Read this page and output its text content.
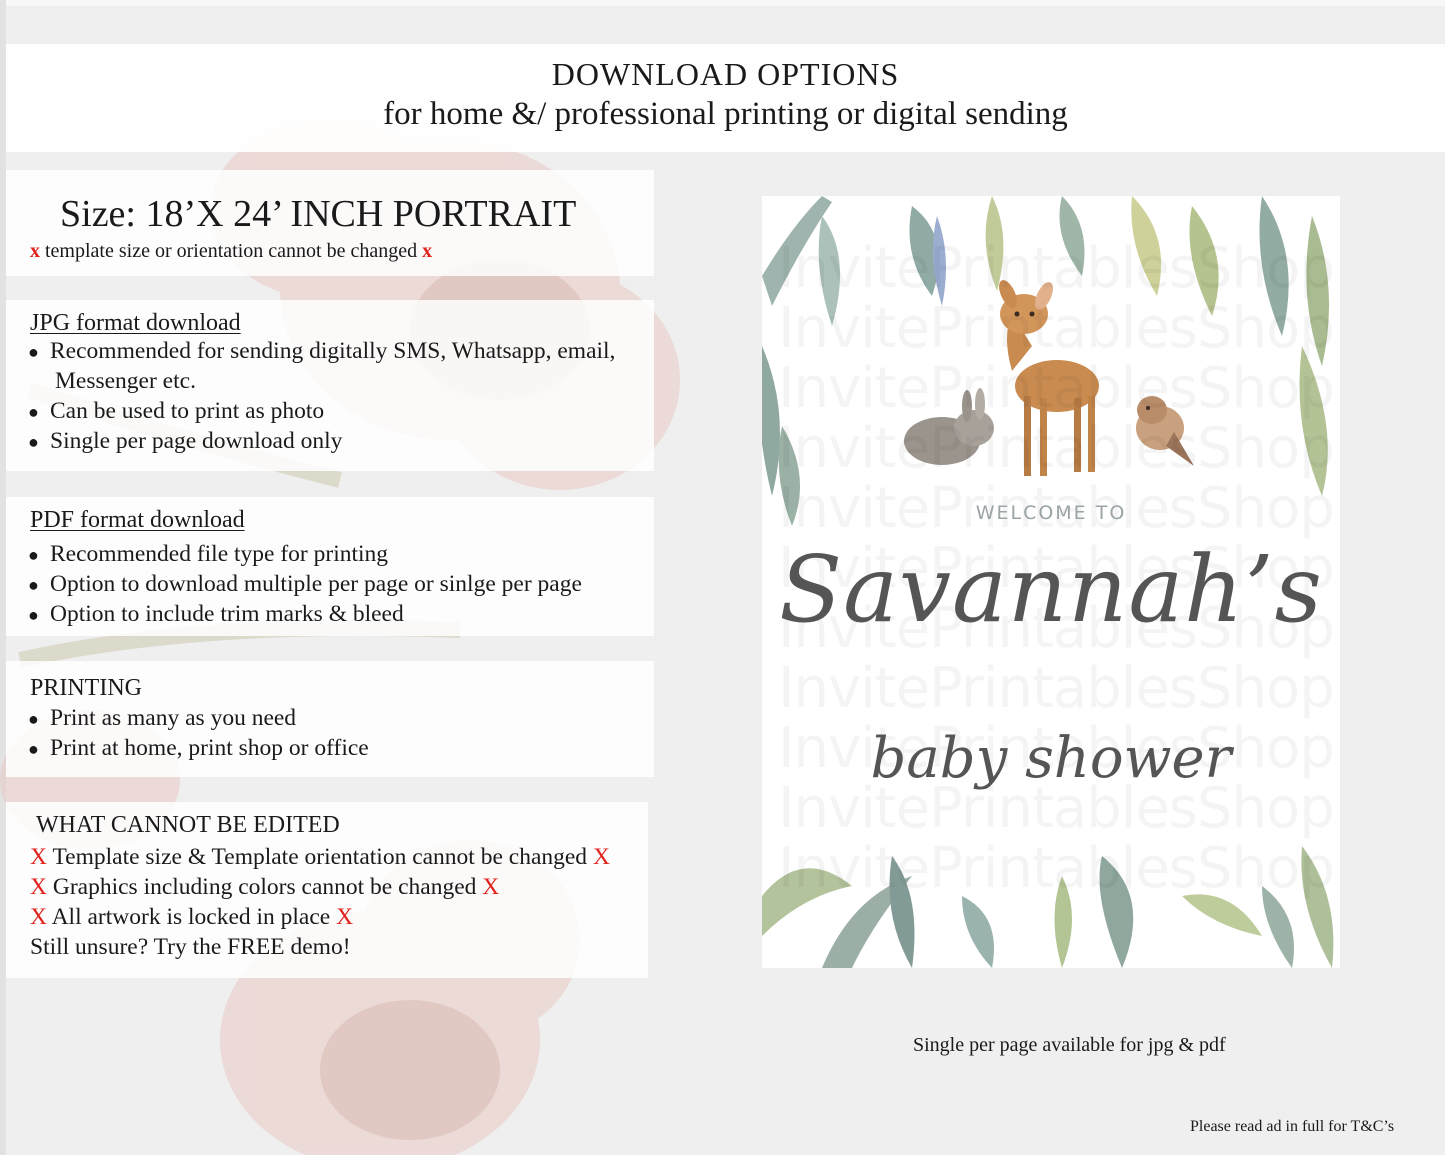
DOWNLOAD OPTIONS
for home &/ professional printing or digital sending
Size: 18’X 24’ INCH PORTRAIT
x template size or orientation cannot be changed x
JPG format download
● Recommended for sending digitally SMS, Whatsapp, email,
Messenger etc.
● Can be used to print as photo
● Single per page download only
PDF format download
● Recommended file type for printing
● Option to download multiple per page or sinlge per page
● Option to include trim marks & bleed
PRINTING
● Print as many as you need
● Print at home, print shop or office
WHAT CANNOT BE EDITED
X Template size & Template orientation cannot be changed X
X Graphics including colors cannot be changed X
X All artwork is locked in place X
Still unsure? Try the FREE demo!
WELCOME TO
Savannah’s
baby shower
Single per page available for jpg & pdf
Please read ad in full for T&C’s
